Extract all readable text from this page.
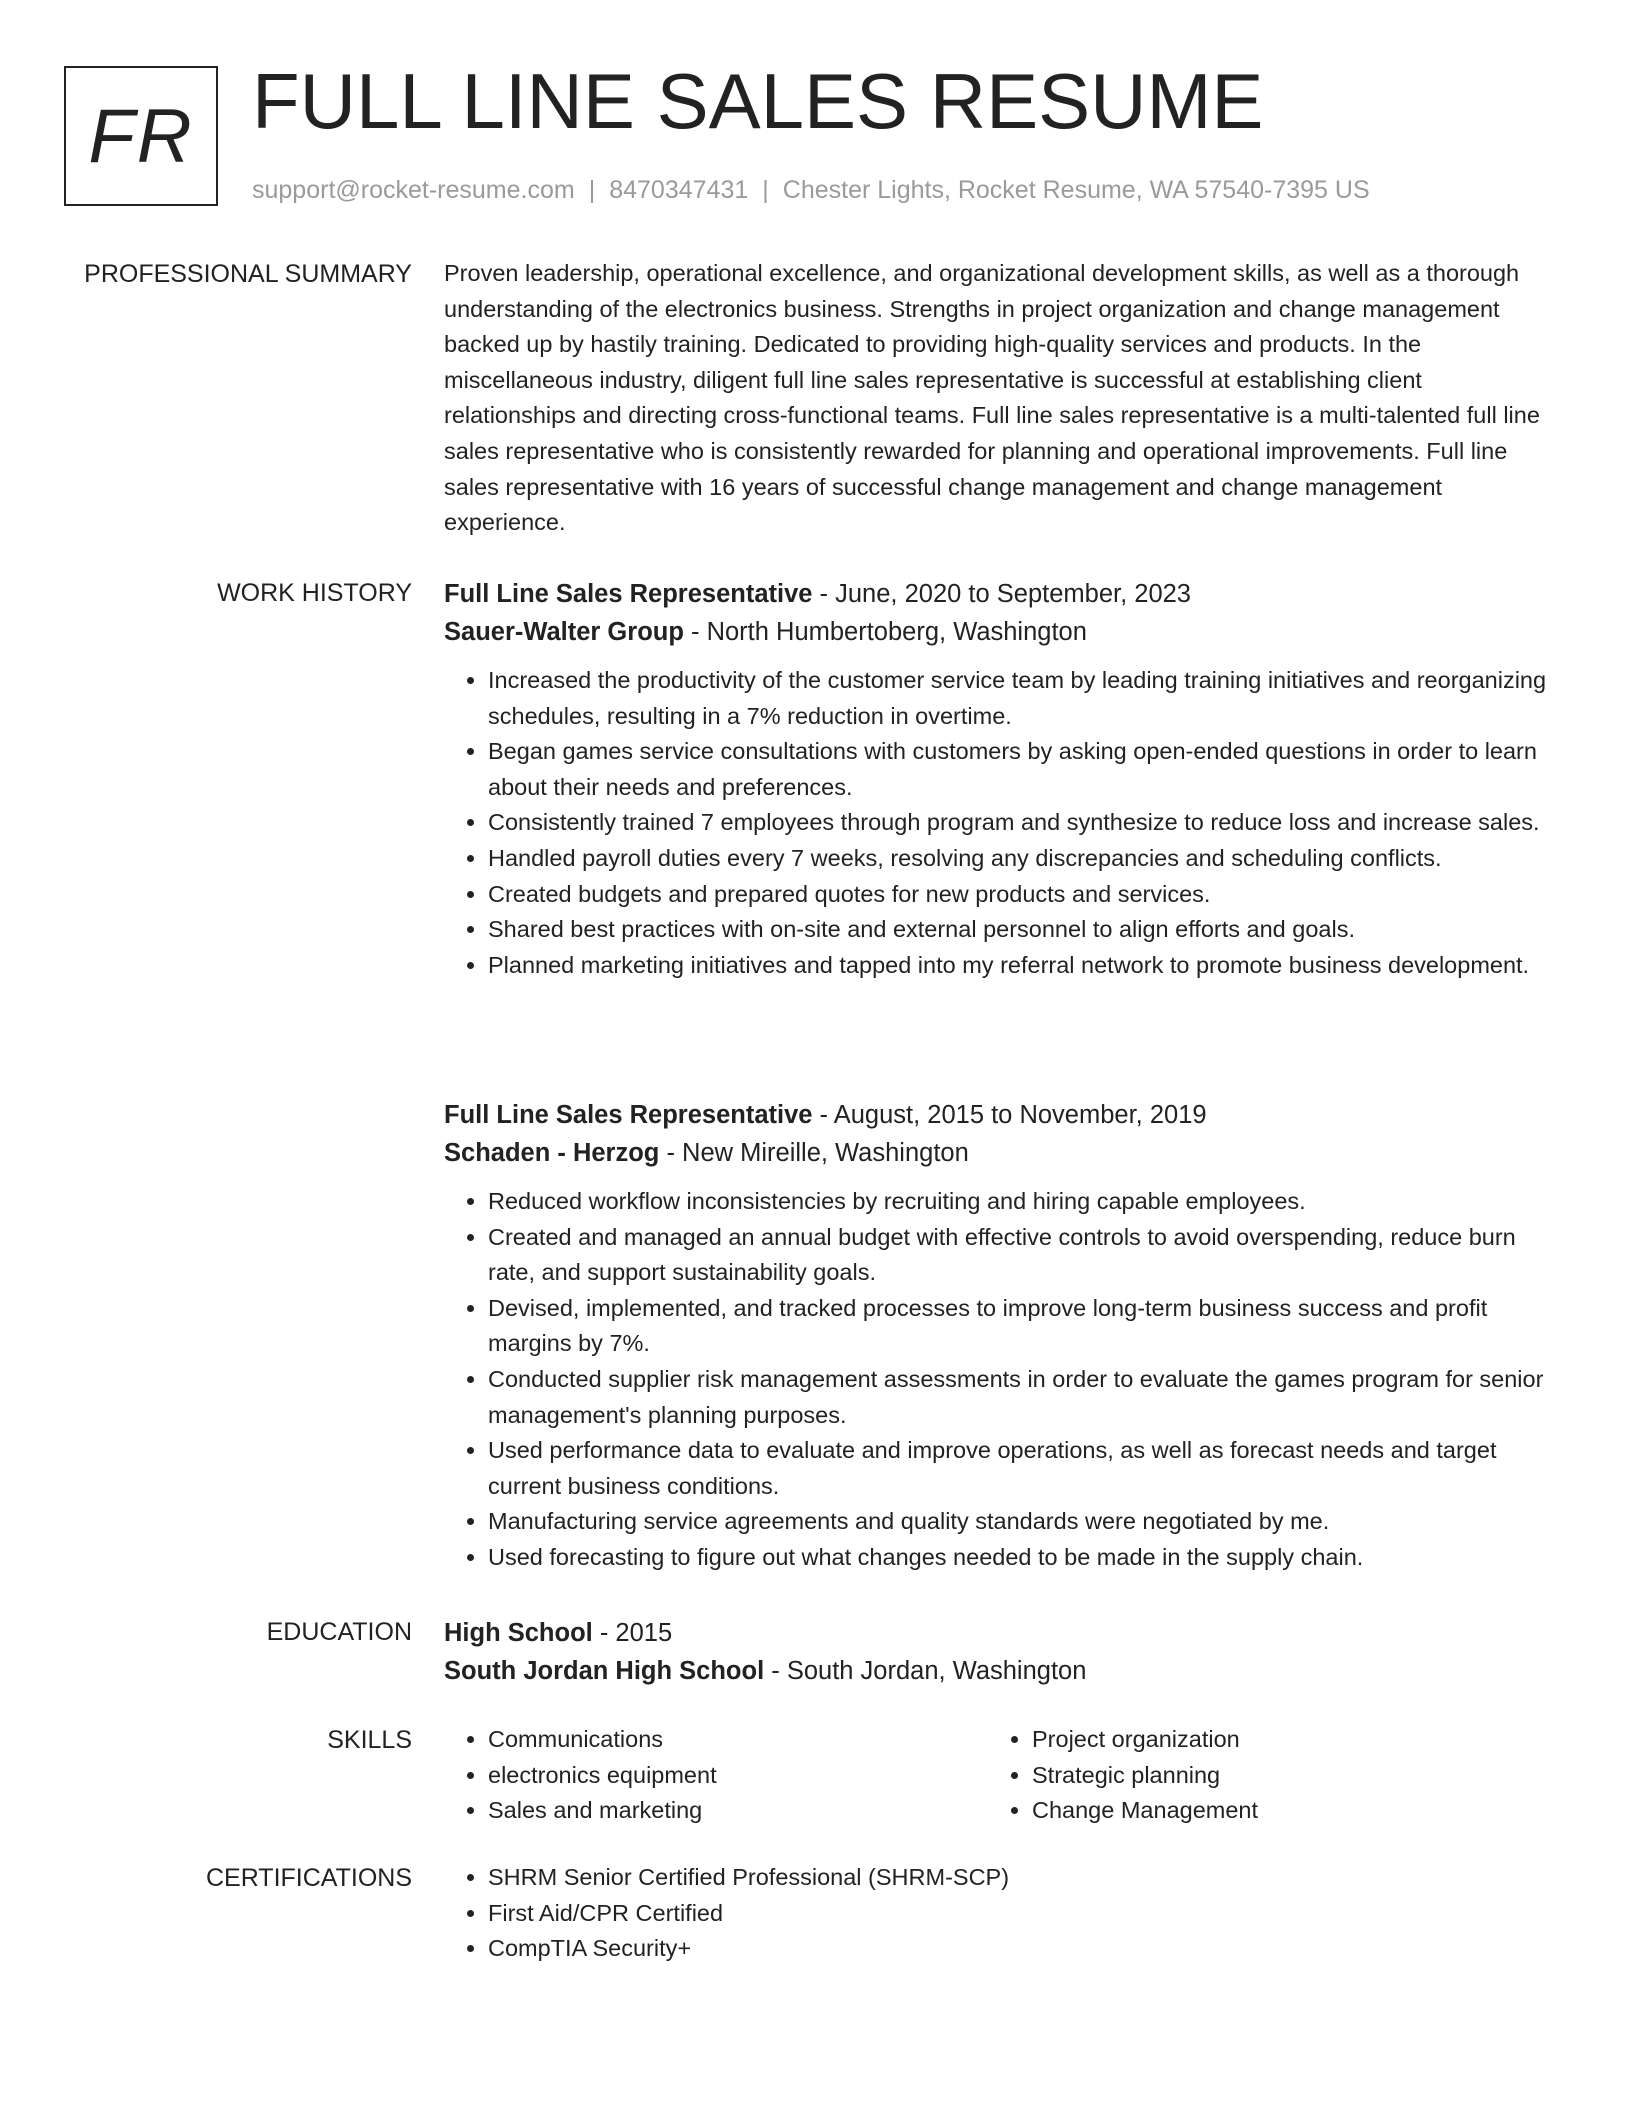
FR FULL LINE SALES RESUME
support@rocket-resume.com | 8470347431 | Chester Lights, Rocket Resume, WA 57540-7395 US
PROFESSIONAL SUMMARY Proven leadership, operational excellence, and organizational development skills, as well as a thorough understanding of the electronics business. Strengths in project organization and change management backed up by hastily training. Dedicated to providing high-quality services and products. In the miscellaneous industry, diligent full line sales representative is successful at establishing client relationships and directing cross-functional teams. Full line sales representative is a multi-talented full line sales representative who is consistently rewarded for planning and operational improvements. Full line sales representative with 16 years of successful change management and change management experience.

WORK HISTORY Full Line Sales Representative - June, 2020 to September, 2023

Sauer-Walter Group - North Humbertoberg, Washington

• Increased the productivity of the customer service team by leading training initiatives and reorganizing schedules, resulting in a 7% reduction in overtime.
• Began games service consultations with customers by asking open-ended questions in order to learn about their needs and preferences.
• Consistently trained 7 employees through program and synthesize to reduce loss and increase sales.
• Handled payroll duties every 7 weeks, resolving any discrepancies and scheduling conflicts.
• Created budgets and prepared quotes for new products and services.
• Shared best practices with on-site and external personnel to align efforts and goals.
• Planned marketing initiatives and tapped into my referral network to promote business development.

Full Line Sales Representative - August, 2015 to November, 2019

Schaden - Herzog - New Mireille, Washington

• Reduced workflow inconsistencies by recruiting and hiring capable employees.
• Created and managed an annual budget with effective controls to avoid overspending, reduce burn rate, and support sustainability goals.
• Devised, implemented, and tracked processes to improve long-term business success and profit margins by 7%.
• Conducted supplier risk management assessments in order to evaluate the games program for senior management's planning purposes.
• Used performance data to evaluate and improve operations, as well as forecast needs and target current business conditions.
• Manufacturing service agreements and quality standards were negotiated by me.
• Used forecasting to figure out what changes needed to be made in the supply chain.
EDUCATION High School - 2015

South Jordan High School - South Jordan, Washington

SKILLS	• Communications
• electronics equipment
• Sales and marketing
• Project organization
• Strategic planning
• Change Management
CERTIFICATIONS	• SHRM Senior Certified Professional (SHRM-SCP)
• First Aid/CPR Certified
• CompTIA Security+
